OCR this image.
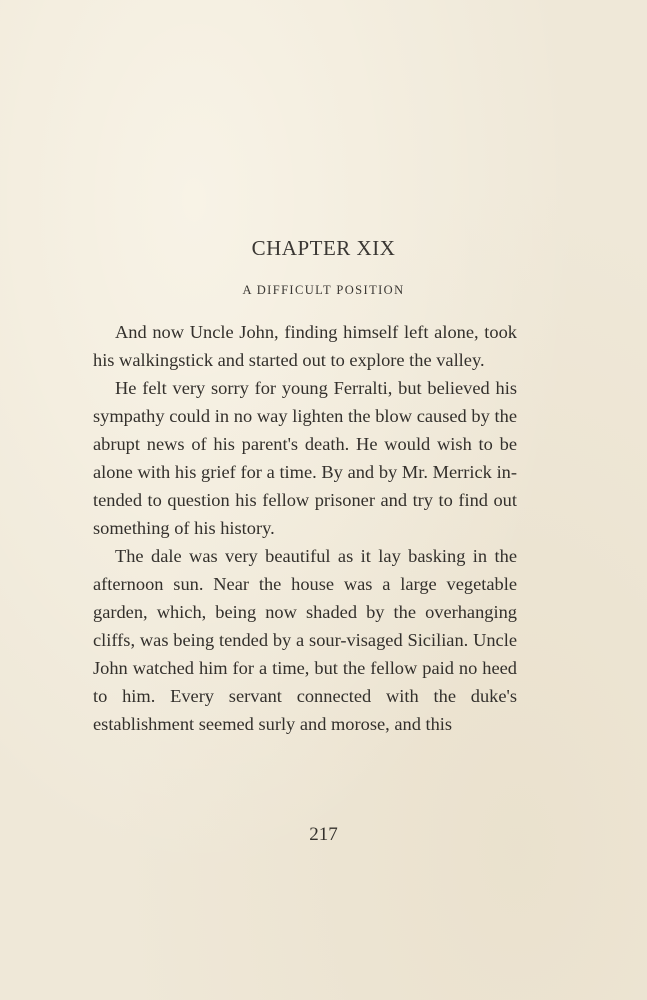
CHAPTER XIX
A DIFFICULT POSITION

And now Uncle John, finding himself left alone, took his walkingstick and started out to explore the valley.

He felt very sorry for young Ferralti, but believed his sympathy could in no way lighten the blow caused by the abrupt news of his parent's death. He would wish to be alone with his grief for a time. By and by Mr. Merrick intended to question his fellow prisoner and try to find out something of his history.

The dale was very beautiful as it lay basking in the afternoon sun. Near the house was a large vegetable garden, which, being now shaded by the overhanging cliffs, was being tended by a sour-visaged Sicilian. Uncle John watched him for a time, but the fellow paid no heed to him. Every servant connected with the duke's establishment seemed surly and morose, and this

217
